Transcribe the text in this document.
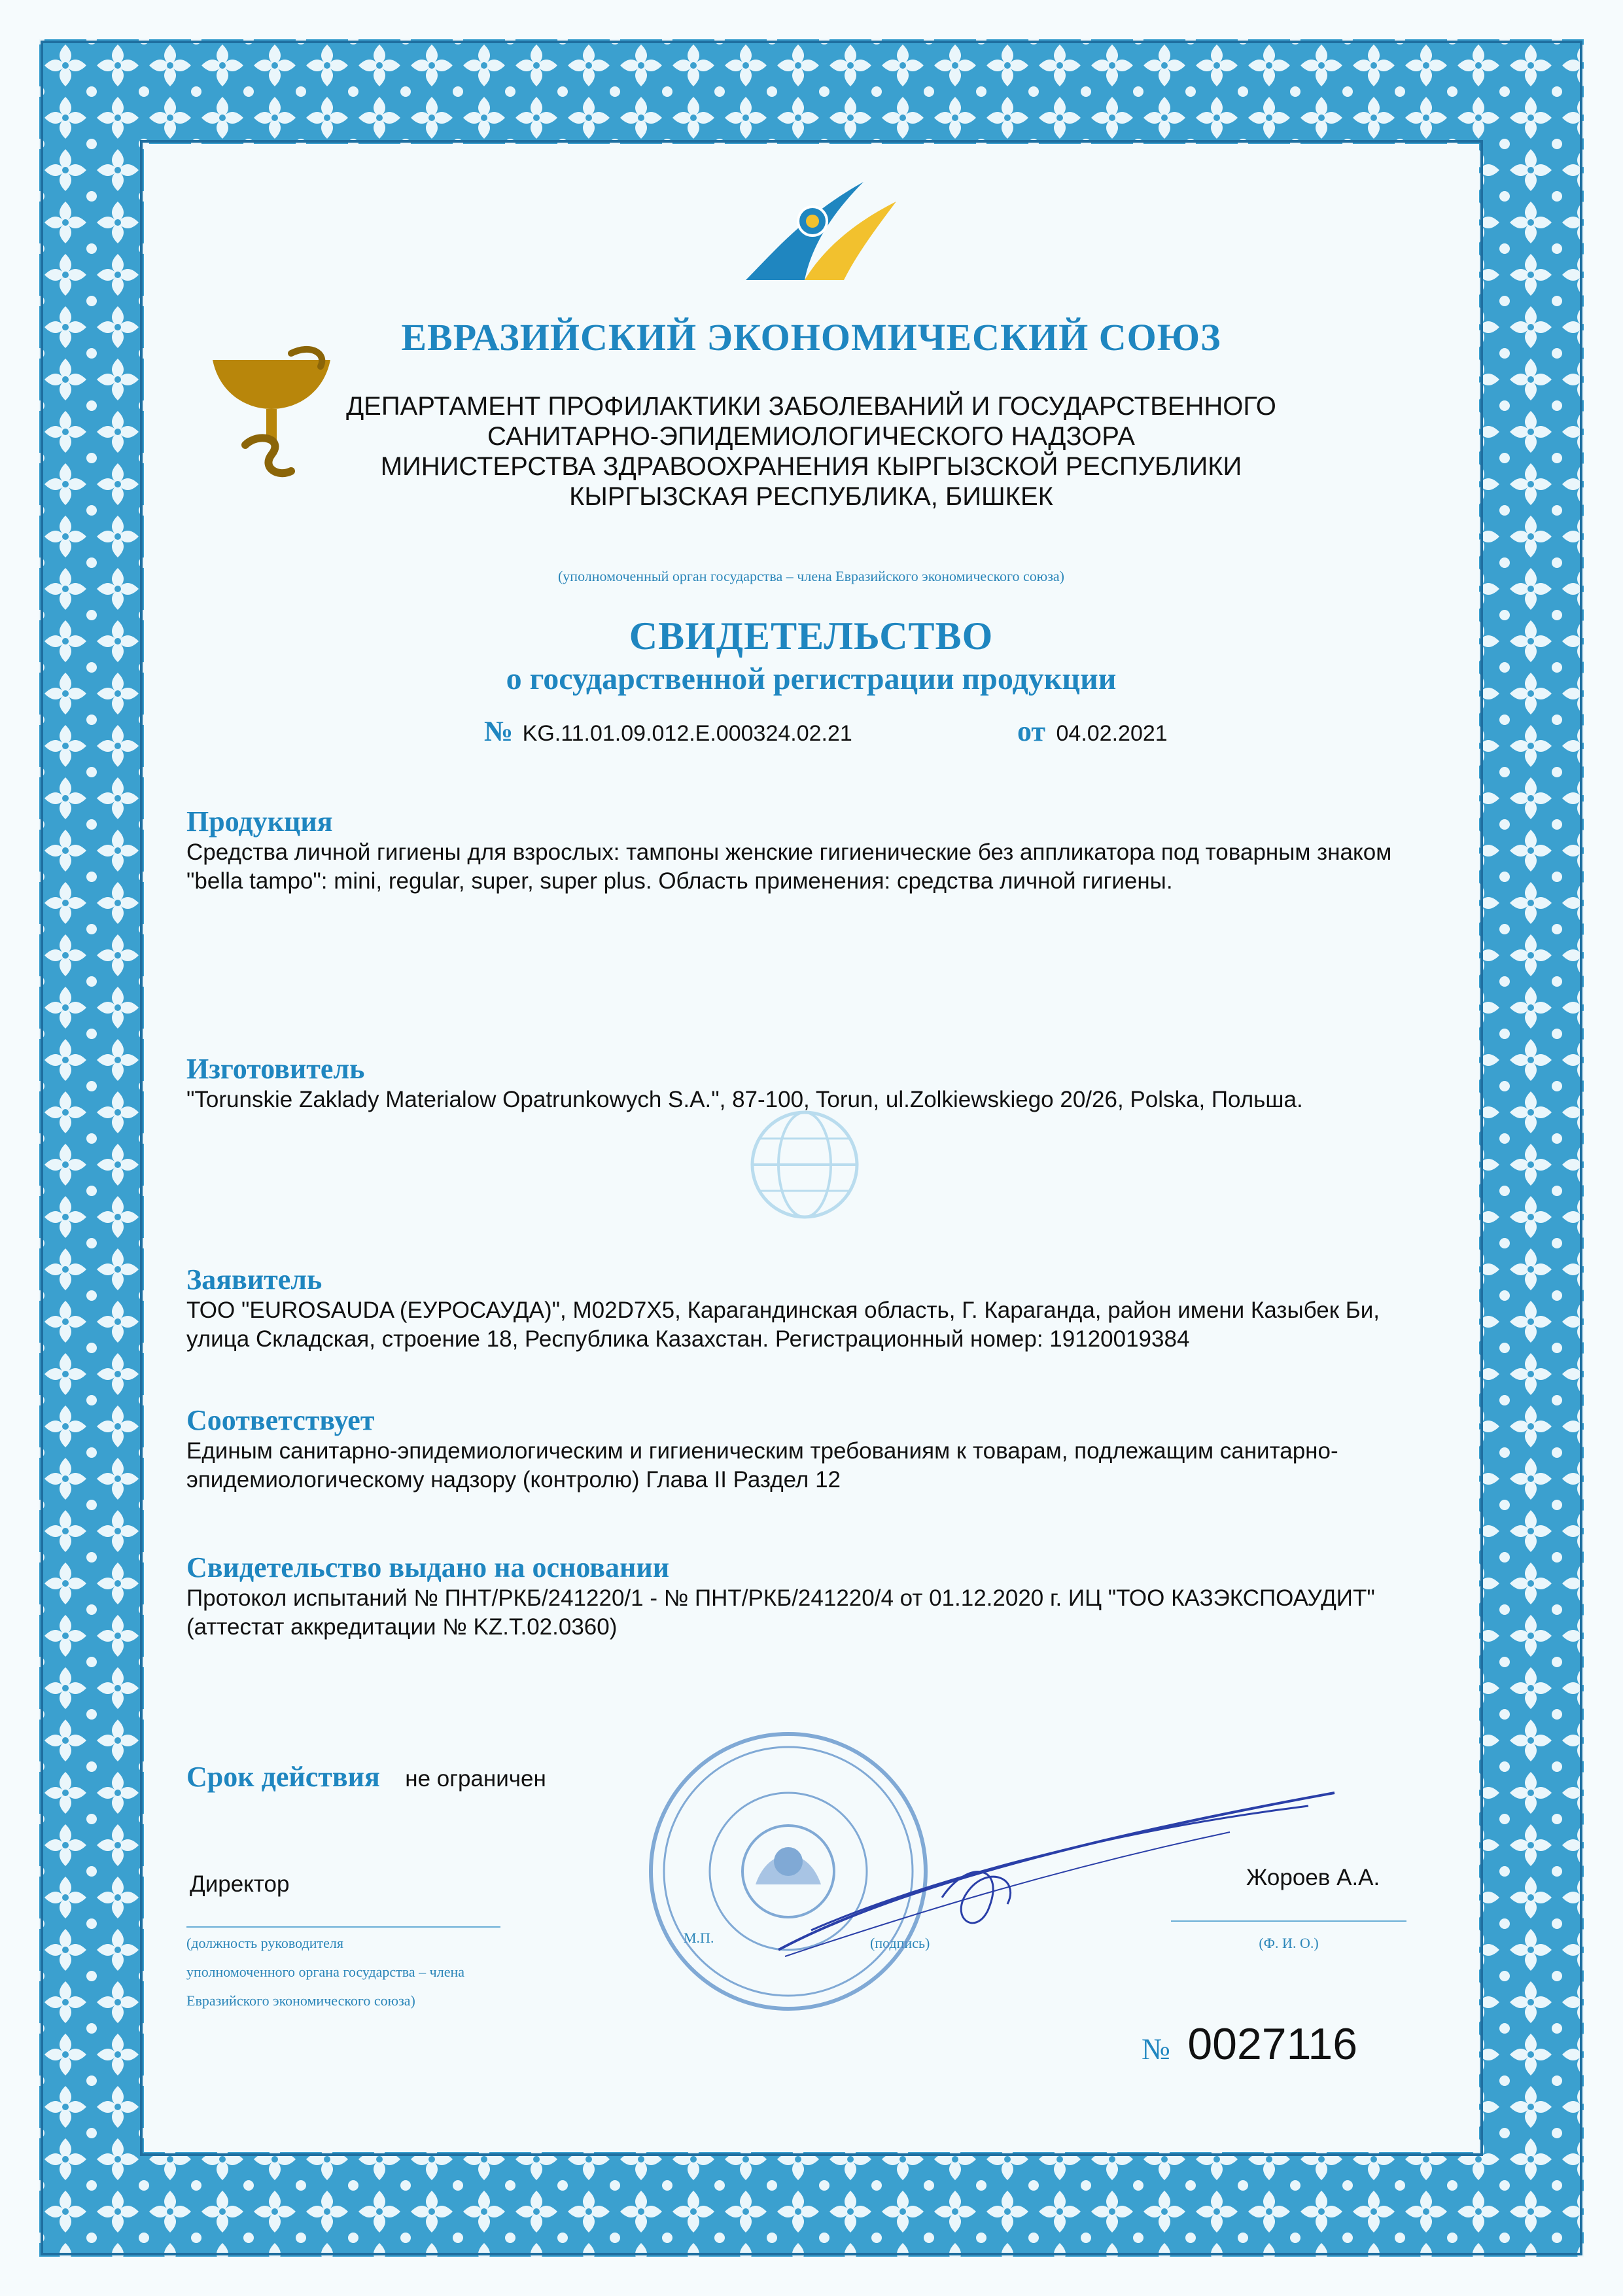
ЕВРАЗИЙСКИЙ ЭКОНОМИЧЕСКИЙ СОЮЗ
ДЕПАРТАМЕНТ ПРОФИЛАКТИКИ ЗАБОЛЕВАНИЙ И ГОСУДАРСТВЕННОГО
САНИТАРНО-ЭПИДЕМИОЛОГИЧЕСКОГО НАДЗОРА
МИНИСТЕРСТВА ЗДРАВООХРАНЕНИЯ КЫРГЫЗСКОЙ РЕСПУБЛИКИ
КЫРГЫЗСКАЯ РЕСПУБЛИКА, БИШКЕК
(уполномоченный орган государства – члена Евразийского экономического союза)
СВИДЕТЕЛЬСТВО
о государственной регистрации продукции
№ KG.11.01.09.012.E.000324.02.21	от 04.02.2021
Продукция
Средства личной гигиены для взрослых: тампоны женские гигиенические без аппликатора под товарным знаком "bella tampo": mini, regular, super, super plus. Область применения: средства личной гигиены.
Изготовитель
"Torunskie Zaklady Materialow Opatrunkowych S.A.", 87-100, Torun, ul.Zolkiewskiego 20/26, Polska, Польша.
Заявитель
ТОО "EUROSAUDA (ЕУРОСАУДА)", M02D7X5, Карагандинская область, Г. Караганда, район имени Казыбек Би, улица Складская, строение 18, Республика Казахстан. Регистрационный номер: 19120019384
Соответствует
Единым санитарно-эпидемиологическим и гигиеническим требованиям к товарам, подлежащим санитарно-эпидемиологическому надзору (контролю) Глава II Раздел 12
Свидетельство выдано на основании
Протокол испытаний № ПНТ/РКБ/241220/1 - № ПНТ/РКБ/241220/4 от 01.12.2020 г. ИЦ "ТОО КАЗЭКСПОАУДИТ" (аттестат аккредитации № KZ.T.02.0360)
Срок действия не ограничен
Директор
(должность руководителя
уполномоченного органа государства – члена
Евразийского экономического союза)
М.П.	(подпись)
Жороев А.А.
(Ф. И. О.)
№ 0027116
